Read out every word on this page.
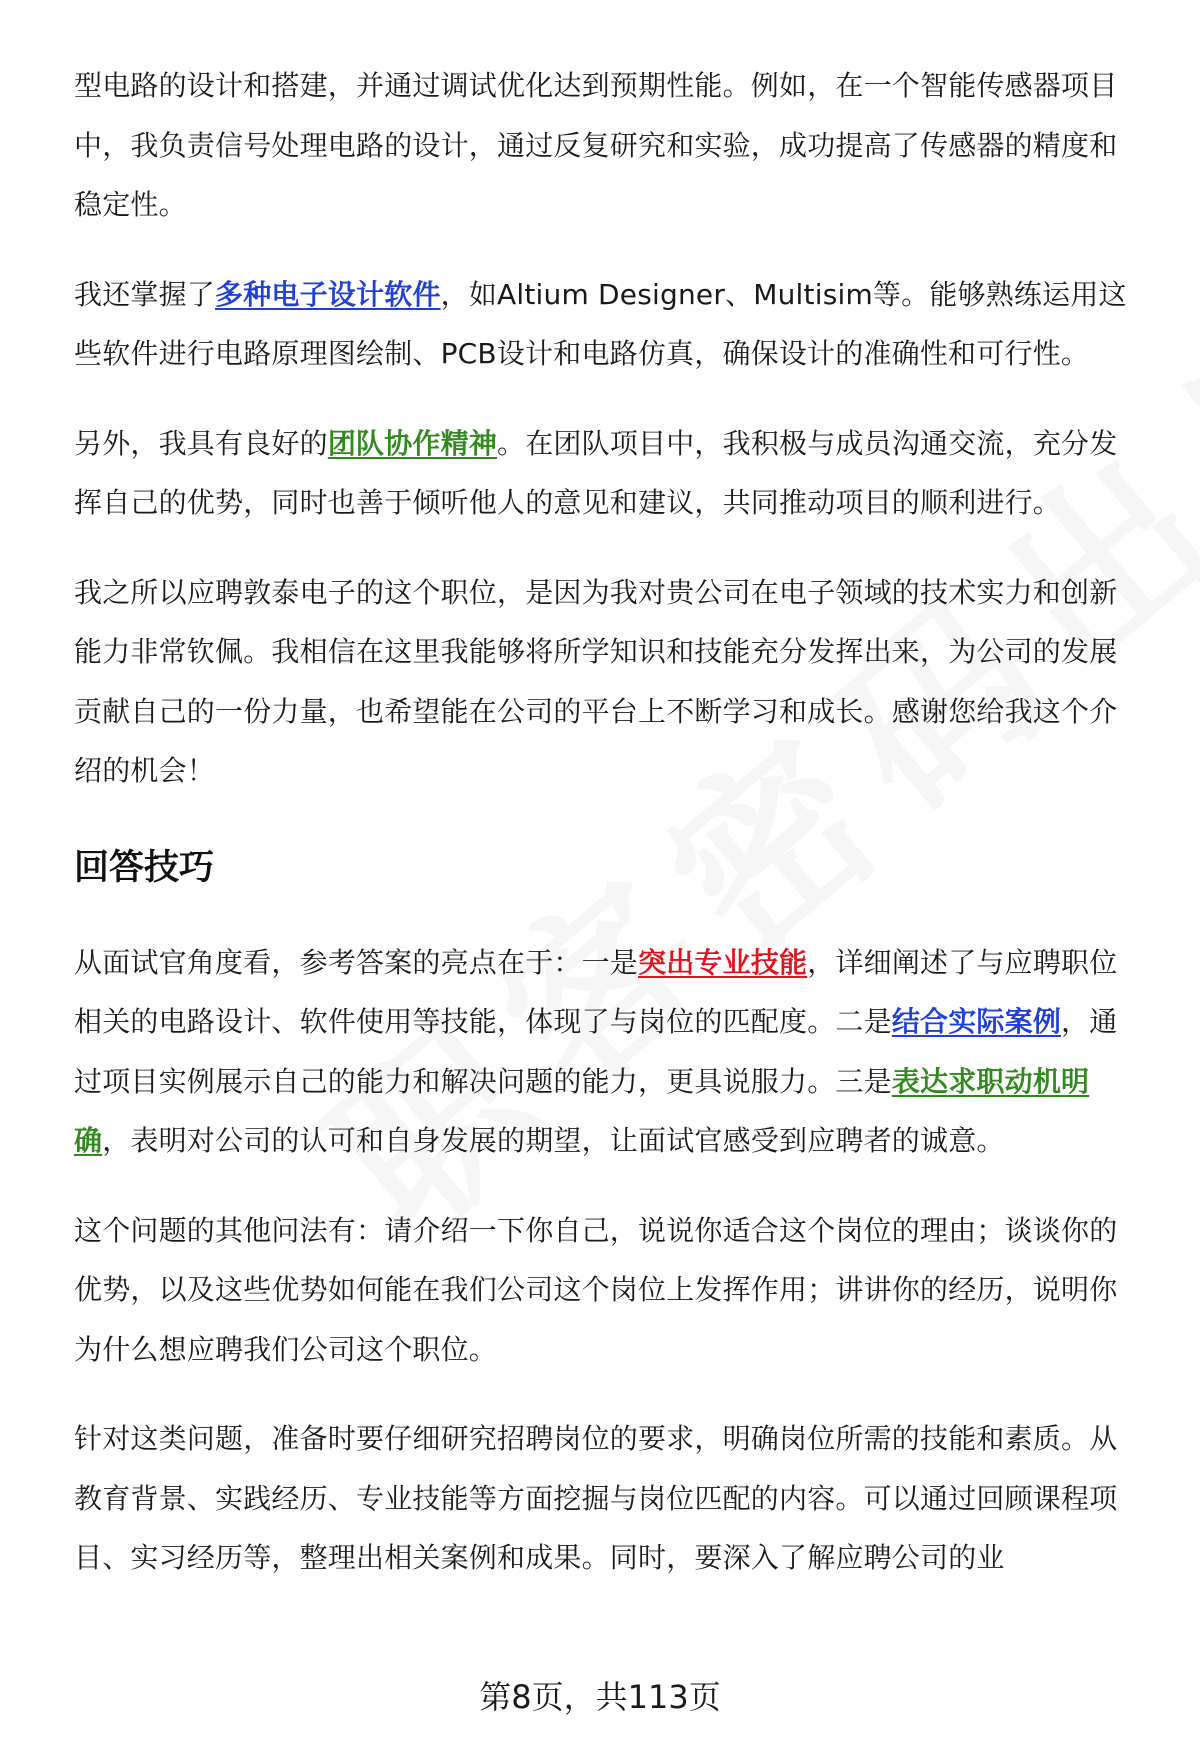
型电路的设计和搭建，并通过调试优化达到预期性能。例如，在一个智能传感器项目中，我负责信号处理电路的设计，通过反复研究和实验，成功提高了传感器的精度和稳定性。

我还掌握了多种电子设计软件，如Altium Designer、Multisim等。能够熟练运用这些软件进行电路原理图绘制、PCB设计和电路仿真，确保设计的准确性和可行性。

另外，我具有良好的团队协作精神。在团队项目中，我积极与成员沟通交流，充分发挥自己的优势，同时也善于倾听他人的意见和建议，共同推动项目的顺利进行。

我之所以应聘敦泰电子的这个职位，是因为我对贵公司在电子领域的技术实力和创新能力非常钦佩。我相信在这里我能够将所学知识和技能充分发挥出来，为公司的发展贡献自己的一份力量，也希望能在公司的平台上不断学习和成长。感谢您给我这个介绍的机会！

回答技巧

从面试官角度看，参考答案的亮点在于：一是突出专业技能，详细阐述了与应聘职位相关的电路设计、软件使用等技能，体现了与岗位的匹配度。二是结合实际案例，通过项目实例展示自己的能力和解决问题的能力，更具说服力。三是表达求职动机明确，表明对公司的认可和自身发展的期望，让面试官感受到应聘者的诚意。

这个问题的其他问法有：请介绍一下你自己，说说你适合这个岗位的理由；谈谈你的优势，以及这些优势如何能在我们公司这个岗位上发挥作用；讲讲你的经历，说明你为什么想应聘我们公司这个职位。

针对这类问题，准备时要仔细研究招聘岗位的要求，明确岗位所需的技能和素质。从教育背景、实践经历、专业技能等方面挖掘与岗位匹配的内容。可以通过回顾课程项目、实习经历等，整理出相关案例和成果。同时，要深入了解应聘公司的业

第8页，共113页
